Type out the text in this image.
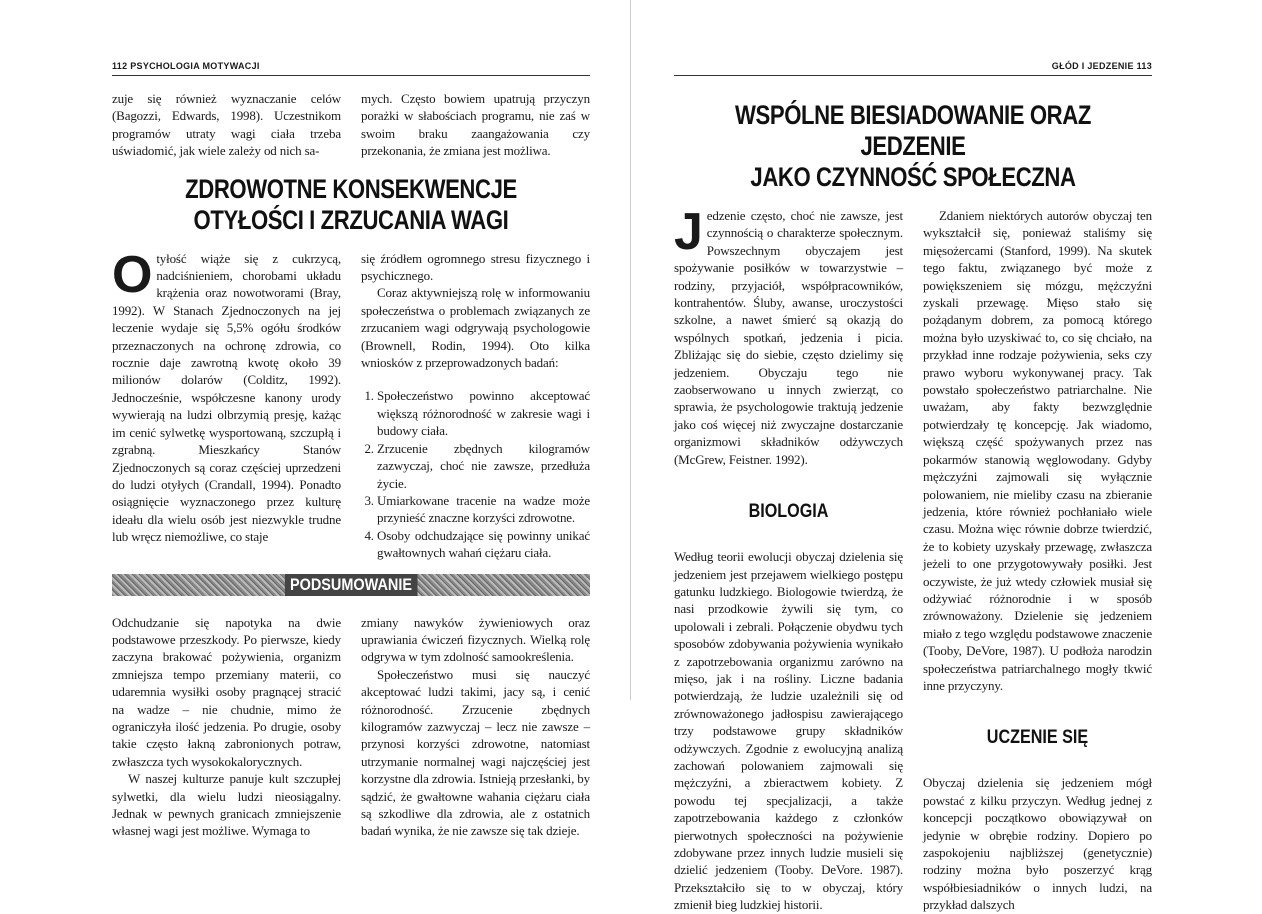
112 PSYCHOLOGIA MOTYWACJI

zuje się również wyznaczanie celów (Bagozzi, Edwards, 1998). Uczestnikom programów utraty wagi ciała trzeba uświadomić, jak wiele zależy od nich sa-

mych. Często bowiem upatrują przyczyn porażki w słabościach programu, nie zaś w swoim braku zaangażowania czy przekonania, że zmiana jest możliwa.

ZDROWOTNE KONSEKWENCJE
OTYŁOŚCI I ZRZUCANIA WAGI

Otyłość wiąże się z cukrzycą, nadciśnieniem, chorobami układu krążenia oraz nowotworami (Bray, 1992). W Stanach Zjednoczonych na jej leczenie wydaje się 5,5% ogółu środków przeznaczonych na ochronę zdrowia, co rocznie daje zawrotną kwotę około 39 milionów dolarów (Colditz, 1992). Jednocześnie, współczesne kanony urody wywierają na ludzi olbrzymią presję, każąc im cenić sylwetkę wysportowaną, szczupłą i zgrabną. Mieszkańcy Stanów Zjednoczonych są coraz częściej uprzedzeni do ludzi otyłych (Crandall, 1994). Ponadto osiągnięcie wyznaczonego przez kulturę ideału dla wielu osób jest niezwykle trudne lub wręcz niemożliwe, co staje

się źródłem ogromnego stresu fizycznego i psychicznego.

Coraz aktywniejszą rolę w informowaniu społeczeństwa o problemach związanych ze zrzucaniem wagi odgrywają psychologowie (Brownell, Rodin, 1994). Oto kilka wniosków z przeprowadzonych badań:

1. Społeczeństwo powinno akceptować większą różnorodność w zakresie wagi i budowy ciała.
2. Zrzucenie zbędnych kilogramów zazwyczaj, choć nie zawsze, przedłuża życie.
3. Umiarkowane tracenie na wadze może przynieść znaczne korzyści zdrowotne.
4. Osoby odchudzające się powinny unikać gwałtownych wahań ciężaru ciała.
PODSUMOWANIE

Odchudzanie się napotyka na dwie podstawowe przeszkody. Po pierwsze, kiedy zaczyna brakować pożywienia, organizm zmniejsza tempo przemiany materii, co udaremnia wysiłki osoby pragnącej stracić na wadze – nie chudnie, mimo że ograniczyła ilość jedzenia. Po drugie, osoby takie często łakną zabronionych potraw, zwłaszcza tych wysokokalorycznych.

W naszej kulturze panuje kult szczupłej sylwetki, dla wielu ludzi nieosiągalny. Jednak w pewnych granicach zmniejszenie własnej wagi jest możliwe. Wymaga to

zmiany nawyków żywieniowych oraz uprawiania ćwiczeń fizycznych. Wielką rolę odgrywa w tym zdolność samookreślenia.

Społeczeństwo musi się nauczyć akceptować ludzi takimi, jacy są, i cenić różnorodność. Zrzucenie zbędnych kilogramów zazwyczaj – lecz nie zawsze – przynosi korzyści zdrowotne, natomiast utrzymanie normalnej wagi najczęściej jest korzystne dla zdrowia. Istnieją przesłanki, by sądzić, że gwałtowne wahania ciężaru ciała są szkodliwe dla zdrowia, ale z ostatnich badań wynika, że nie zawsze się tak dzieje.

GŁÓD I JEDZENIE 113
WSPÓLNE BIESIADOWANIE ORAZ JEDZENIE
JAKO CZYNNOŚĆ SPOŁECZNA

Jedzenie często, choć nie zawsze, jest czynnością o charakterze społecznym. Powszechnym obyczajem jest spożywanie posiłków w towarzystwie – rodziny, przyjaciół, współpracowników, kontrahentów. Śluby, awanse, uroczystości szkolne, a nawet śmierć są okazją do wspólnych spotkań, jedzenia i picia. Zbliżając się do siebie, często dzielimy się jedzeniem. Obyczaju tego nie zaobserwowano u innych zwierząt, co sprawia, że psychologowie traktują jedzenie jako coś więcej niż zwyczajne dostarczanie organizmowi składników odżywczych (McGrew, Feistner. 1992).

BIOLOGIA

Według teorii ewolucji obyczaj dzielenia się jedzeniem jest przejawem wielkiego postępu gatunku ludzkiego. Biologowie twierdzą, że nasi przodkowie żywili się tym, co upolowali i zebrali. Połączenie obydwu tych sposobów zdobywania pożywienia wynikało z zapotrzebowania organizmu zarówno na mięso, jak i na rośliny. Liczne badania potwierdzają, że ludzie uzależnili się od zrównoważonego jadłospisu zawierającego trzy podstawowe grupy składników odżywczych. Zgodnie z ewolucyjną analizą zachowań polowaniem zajmowali się mężczyźni, a zbieractwem kobiety. Z powodu tej specjalizacji, a także zapotrzebowania każdego z członków pierwotnych społeczności na pożywienie zdobywane przez innych ludzie musieli się dzielić jedzeniem (Tooby. DeVore. 1987). Przekształciło się to w obyczaj, który zmienił bieg ludzkiej historii.

Zdaniem niektórych autorów obyczaj ten wykształcił się, ponieważ staliśmy się mięsożercami (Stanford, 1999). Na skutek tego faktu, związanego być może z powiększeniem się mózgu, mężczyźni zyskali przewagę. Mięso stało się pożądanym dobrem, za pomocą którego można było uzyskiwać to, co się chciało, na przykład inne rodzaje pożywienia, seks czy prawo wyboru wykonywanej pracy. Tak powstało społeczeństwo patriarchalne. Nie uważam, aby fakty bezwzględnie potwierdzały tę koncepcję. Jak wiadomo, większą część spożywanych przez nas pokarmów stanowią węglowodany. Gdyby mężczyźni zajmowali się wyłącznie polowaniem, nie mieliby czasu na zbieranie jedzenia, które również pochłaniało wiele czasu. Można więc równie dobrze twierdzić, że to kobiety uzyskały przewagę, zwłaszcza jeżeli to one przygotowywały posiłki. Jest oczywiste, że już wtedy człowiek musiał się odżywiać różnorodnie i w sposób zrównoważony. Dzielenie się jedzeniem miało z tego względu podstawowe znaczenie (Tooby, DeVore, 1987). U podłoża narodzin społeczeństwa patriarchalnego mogły tkwić inne przyczyny.

UCZENIE SIĘ

Obyczaj dzielenia się jedzeniem mógł powstać z kilku przyczyn. Według jednej z koncepcji początkowo obowiązywał on jedynie w obrębie rodziny. Dopiero po zaspokojeniu najbliższej (genetycznie) rodziny można było poszerzyć krąg współbiesiadników o innych ludzi, na przykład dalszych
